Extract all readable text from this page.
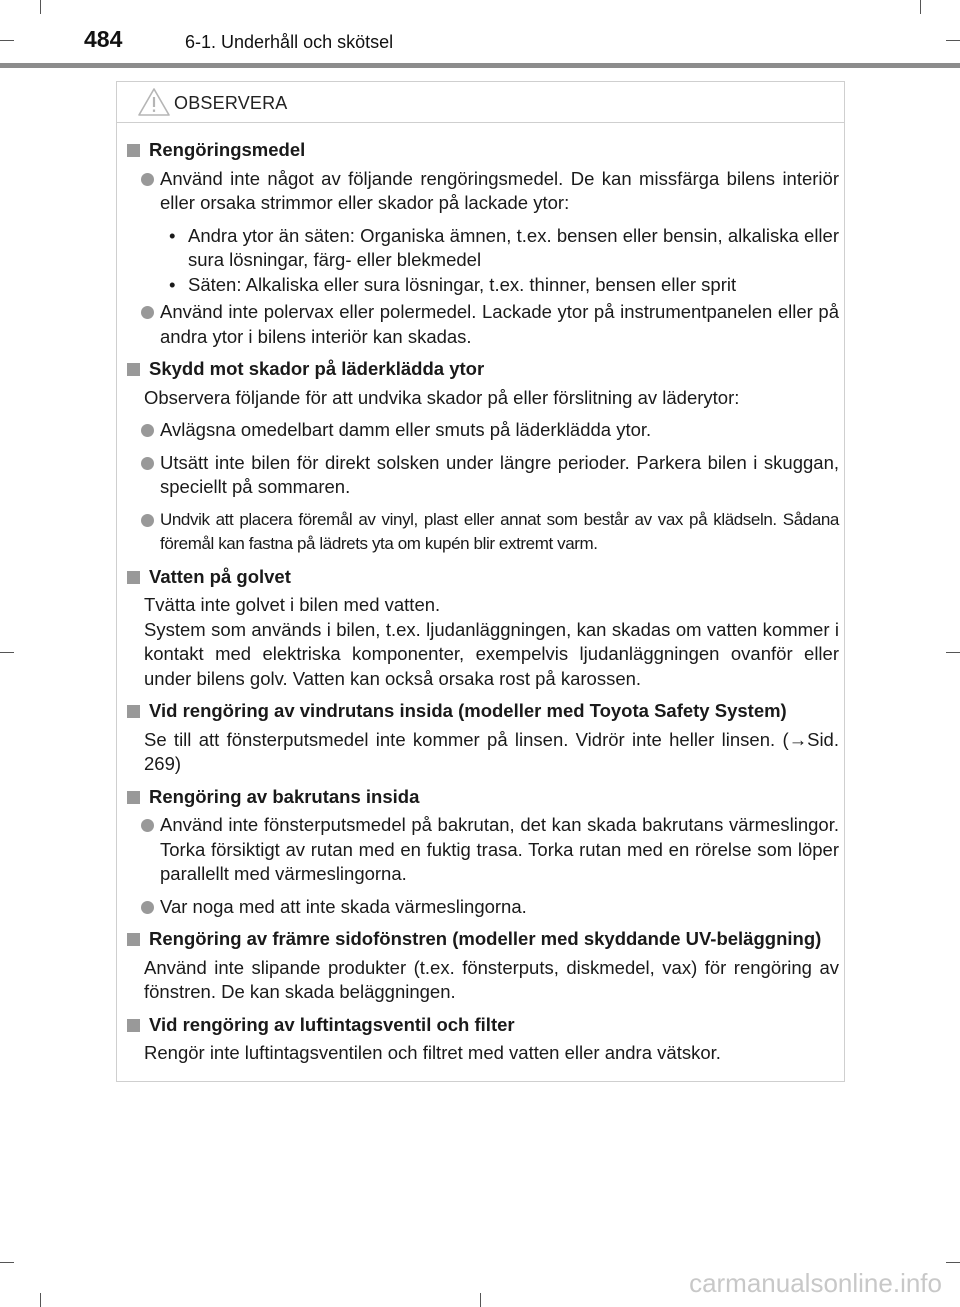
484	6-1. Underhåll och skötsel
OBSERVERA
Rengöringsmedel
Använd inte något av följande rengöringsmedel. De kan missfärga bilens interiör eller orsaka strimmor eller skador på lackade ytor:
• Andra ytor än säten: Organiska ämnen, t.ex. bensen eller bensin, alkaliska eller sura lösningar, färg- eller blekmedel
• Säten: Alkaliska eller sura lösningar, t.ex. thinner, bensen eller sprit
Använd inte polervax eller polermedel. Lackade ytor på instrumentpanelen eller på andra ytor i bilens interiör kan skadas.
Skydd mot skador på läderklädda ytor
Observera följande för att undvika skador på eller förslitning av läderytor:
Avlägsna omedelbart damm eller smuts på läderklädda ytor.
Utsätt inte bilen för direkt solsken under längre perioder. Parkera bilen i skuggan, speciellt på sommaren.
Undvik att placera föremål av vinyl, plast eller annat som består av vax på klädseln. Sådana föremål kan fastna på lädrets yta om kupén blir extremt varm.
Vatten på golvet
Tvätta inte golvet i bilen med vatten.
System som används i bilen, t.ex. ljudanläggningen, kan skadas om vatten kommer i kontakt med elektriska komponenter, exempelvis ljudanläggningen ovanför eller under bilens golv. Vatten kan också orsaka rost på karossen.
Vid rengöring av vindrutans insida (modeller med Toyota Safety System)
Se till att fönsterputsmedel inte kommer på linsen. Vidrör inte heller linsen. (→Sid. 269)
Rengöring av bakrutans insida
Använd inte fönsterputsmedel på bakrutan, det kan skada bakrutans värmeslingor. Torka försiktigt av rutan med en fuktig trasa. Torka rutan med en rörelse som löper parallellt med värmeslingorna.
Var noga med att inte skada värmeslingorna.
Rengöring av främre sidofönstren (modeller med skyddande UV-beläggning)
Använd inte slipande produkter (t.ex. fönsterputs, diskmedel, vax) för rengöring av fönstren. De kan skada beläggningen.
Vid rengöring av luftintagsventil och filter
Rengör inte luftintagsventilen och filtret med vatten eller andra vätskor.
carmanualsonline.info
